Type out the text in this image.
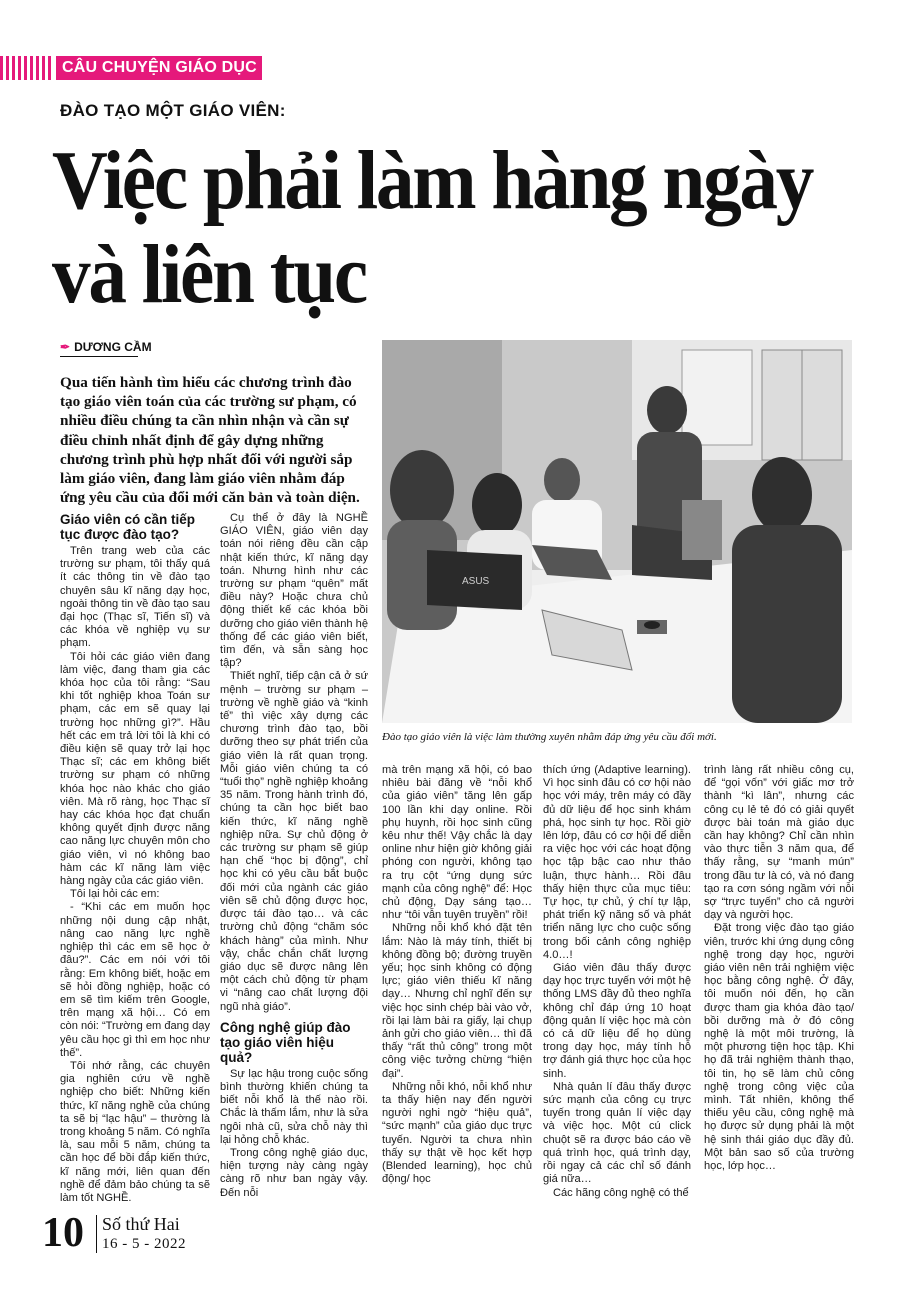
CÂU CHUYỆN GIÁO DỤC
ĐÀO TẠO MỘT GIÁO VIÊN:
Việc phải làm hàng ngày
và liên tục
✒ DƯƠNG CẦM
Qua tiến hành tìm hiểu các chương trình đào tạo giáo viên toán của các trường sư phạm, có nhiều điều chúng ta cần nhìn nhận và cần sự điều chỉnh nhất định để gây dựng những chương trình phù hợp nhất đối với người sắp làm giáo viên, đang làm giáo viên nhằm đáp ứng yêu cầu của đổi mới căn bản và toàn diện.
ASUS
Đào tạo giáo viên là việc làm thường xuyên nhằm đáp ứng yêu cầu đổi mới.
Giáo viên có cần tiếp tục được đào tạo?

Trên trang web của các trường sư phạm, tôi thấy quá ít các thông tin về đào tạo chuyên sâu kĩ năng dạy học, ngoài thông tin về đào tạo sau đại học (Thạc sĩ, Tiến sĩ) và các khóa về nghiệp vụ sư phạm.

Tôi hỏi các giáo viên đang làm việc, đang tham gia các khóa học của tôi rằng: “Sau khi tốt nghiệp khoa Toán sư phạm, các em sẽ quay lại trường học những gì?”. Hầu hết các em trả lời tôi là khi có điều kiện sẽ quay trở lại học Thạc sĩ; các em không biết trường sư phạm có những khóa học nào khác cho giáo viên. Mà rõ ràng, học Thạc sĩ hay các khóa học đạt chuẩn không quyết định được năng cao năng lực chuyên môn cho giáo viên, vì nó không bao hàm các kĩ năng làm việc hàng ngày của các giáo viên.

Tôi lại hỏi các em:

- “Khi các em muốn học những nội dung cập nhật, nâng cao năng lực nghề nghiệp thì các em sẽ học ở đâu?”. Các em nói với tôi rằng: Em không biết, hoặc em sẽ hỏi đồng nghiệp, hoặc có em sẽ tìm kiếm trên Google, trên mạng xã hội… Có em còn nói: “Trường em đang dạy yêu cầu học gì thì em học như thế”.

Tôi nhớ rằng, các chuyên gia nghiên cứu về nghề nghiệp cho biết: Những kiến thức, kĩ năng nghề của chúng ta sẽ bị “lạc hậu” – thường là trong khoảng 5 năm. Có nghĩa là, sau mỗi 5 năm, chúng ta cần học để bồi đắp kiến thức, kĩ năng mới, liên quan đến nghề để đảm bảo chúng ta sẽ làm tốt NGHỀ.

Cụ thể ở đây là NGHỀ GIÁO VIÊN, giáo viên dạy toán nói riêng đều cần cập nhật kiến thức, kĩ năng dạy toán. Nhưng hình như các trường sư phạm “quên” mất điều này? Hoặc chưa chủ động thiết kế các khóa bồi dưỡng cho giáo viên thành hệ thống để các giáo viên biết, tìm đến, và sẵn sàng học tập?

Thiết nghĩ, tiếp cận cả ở sứ mệnh – trường sư phạm – trường về nghề giáo và “kinh tế” thì việc xây dựng các chương trình đào tạo, bồi dưỡng theo sự phát triển của giáo viên là rất quan trọng. Mỗi giáo viên chúng ta có “tuổi thọ” nghề nghiệp khoảng 35 năm. Trong hành trình đó, chúng ta cần học biết bao kiến thức, kĩ năng nghề nghiệp nữa. Sự chủ động ở các trường sư phạm sẽ giúp hạn chế “học bị động”, chỉ học khi có yêu cầu bắt buộc đối mới của ngành các giáo viên sẽ chủ động được học, được tái đào tạo… và các trường chủ động “chăm sóc khách hàng” của mình. Như vậy, chắc chắn chất lượng giáo dục sẽ được nâng lên một cách chủ động từ phạm vi “nâng cao chất lượng đội ngũ nhà giáo”.

Công nghệ giúp đào tạo giáo viên hiệu quả?

Sự lạc hậu trong cuộc sống bình thường khiến chúng ta biết nỗi khổ là thế nào rồi. Chắc là thấm lắm, như là sửa ngôi nhà cũ, sửa chỗ này thì lại hỏng chỗ khác.

Trong công nghệ giáo dục, hiện tượng này càng ngày càng rõ như ban ngày vậy. Đến nỗi

mà trên mạng xã hội, có bao nhiêu bài đăng về “nỗi khổ của giáo viên” tăng lên gấp 100 lần khi dạy online. Rồi phụ huynh, rồi học sinh cũng kêu như thế! Vậy chắc là dạy online như hiện giờ không giải phóng con người, không tạo ra trụ cột “ứng dụng sức mạnh của công nghệ” để: Học chủ động, Dạy sáng tạo… như “tôi vẫn tuyên truyền” rồi!

Những nỗi khổ khó đặt tên lắm: Nào là máy tính, thiết bị không đồng bộ; đường truyền yếu; học sinh không có động lực; giáo viên thiếu kĩ năng dạy… Nhưng chỉ nghĩ đến sự việc học sinh chép bài vào vở, rồi lại làm bài ra giấy, lại chụp ảnh gửi cho giáo viên… thì đã thấy “rất thủ công” trong một công việc tưởng chừng “hiện đại”.

Những nỗi khó, nỗi khổ như ta thấy hiện nay đến người người nghi ngờ “hiệu quả”, “sức mạnh” của giáo dục trực tuyến. Người ta chưa nhìn thấy sự thật về học kết hợp (Blended learning), học chủ động/ học

thích ứng (Adaptive learning). Vì học sinh đâu có cơ hội nào học với máy, trên máy có đầy đủ dữ liệu để học sinh khám phá, học sinh tự học. Rồi giờ lên lớp, đâu có cơ hội để diễn ra việc học với các hoạt động học tập bậc cao như thảo luận, thực hành… Rồi đâu thấy hiện thực của mục tiêu: Tự học, tự chủ, ý chí tự lập, phát triển kỹ năng số và phát triển năng lực cho cuộc sống trong bối cảnh công nghiệp 4.0…!

Giáo viên đâu thấy được dạy học trực tuyến với một hệ thống LMS đầy đủ theo nghĩa không chỉ đáp ứng 10 hoạt động quản lí việc học mà còn có cả dữ liệu để họ dùng trong dạy học, máy tính hỗ trợ đánh giá thực học của học sinh.

Nhà quản lí đâu thấy được sức mạnh của công cụ trực tuyến trong quản lí việc dạy và việc học. Một cú click chuột sẽ ra được báo cáo về quá trình học, quá trình dạy, rồi ngay cả các chỉ số đánh giá nữa…

Các hãng công nghệ có thể

trình làng rất nhiều công cụ, để “gọi vốn” với giấc mơ trở thành “kì lân”, nhưng các công cụ lẻ tẻ đó có giải quyết được bài toán mà giáo dục cần hay không? Chỉ cần nhìn vào thực tiễn 3 năm qua, để thấy rằng, sự “manh mún” trong đầu tư là có, và nó đang tạo ra cơn sóng ngầm với nỗi sợ “trực tuyến” cho cả người dạy và người học.

Đặt trong việc đào tạo giáo viên, trước khi ứng dụng công nghệ trong dạy học, người giáo viên nên trải nghiệm việc học bằng công nghệ. Ở đây, tôi muốn nói đến, họ cần được tham gia khóa đào tạo/ bồi dưỡng mà ở đó công nghệ là một môi trường, là một phương tiện học tập. Khi họ đã trải nghiệm thành thạo, tôi tin, họ sẽ làm chủ công nghệ trong công việc của mình. Tất nhiên, không thể thiếu yêu cầu, công nghệ mà họ được sử dụng phải là một hệ sinh thái giáo dục đầy đủ. Một bản sao số của trường học, lớp học…

10 Số thứ Hai
16 - 5 - 2022
